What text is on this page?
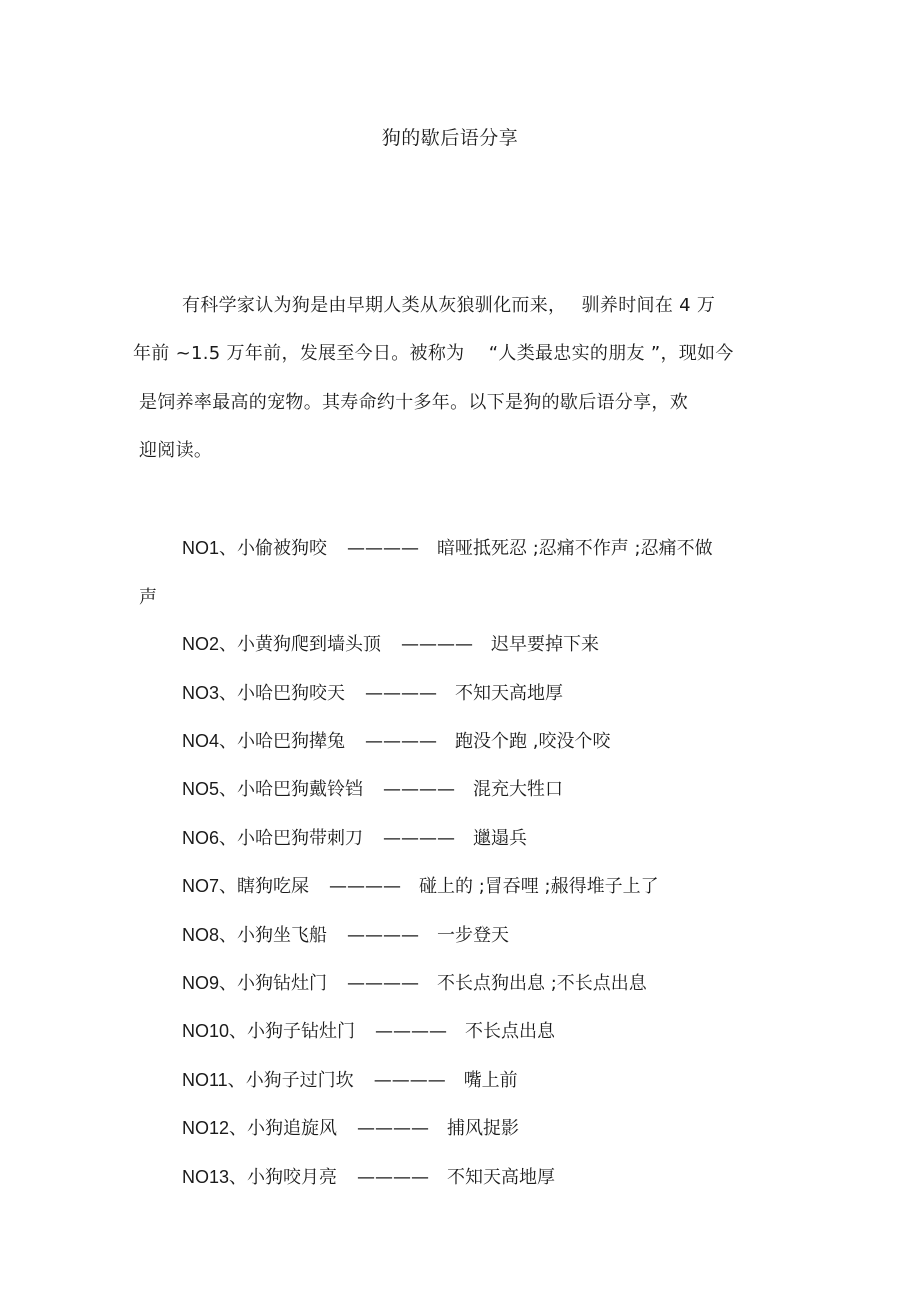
狗的歇后语分享
有科学家认为狗是由早期人类从灰狼驯化而来，　 驯养时间在 4 万
年前 ~1.5 万年前，发展至今日。被称为　 “人类最忠实的朋友 ”，现如今
是饲养率最高的宠物。其寿命约十多年。以下是狗的歇后语分享，欢
迎阅读。
NO1、小偷被狗咬 ———— 暗哑抵死忍 ;忍痛不作声 ;忍痛不做
声
NO2、小黄狗爬到墙头顶 ———— 迟早要掉下来
NO3、小哈巴狗咬天 ———— 不知天高地厚
NO4、小哈巴狗撵兔 ———— 跑没个跑 ,咬没个咬
NO5、小哈巴狗戴铃铛 ———— 混充大牲口
NO6、小哈巴狗带刺刀 ———— 邋遢兵
NO7、瞎狗吃屎 ———— 碰上的 ;冒吞哩 ;赧得堆子上了
NO8、小狗坐飞船 ———— 一步登天
NO9、小狗钻灶门 ———— 不长点狗出息 ;不长点出息
NO10、小狗子钻灶门 ———— 不长点出息
NO11、小狗子过门坎 ———— 嘴上前
NO12、小狗追旋风 ———— 捕风捉影
NO13、小狗咬月亮 ———— 不知天高地厚
